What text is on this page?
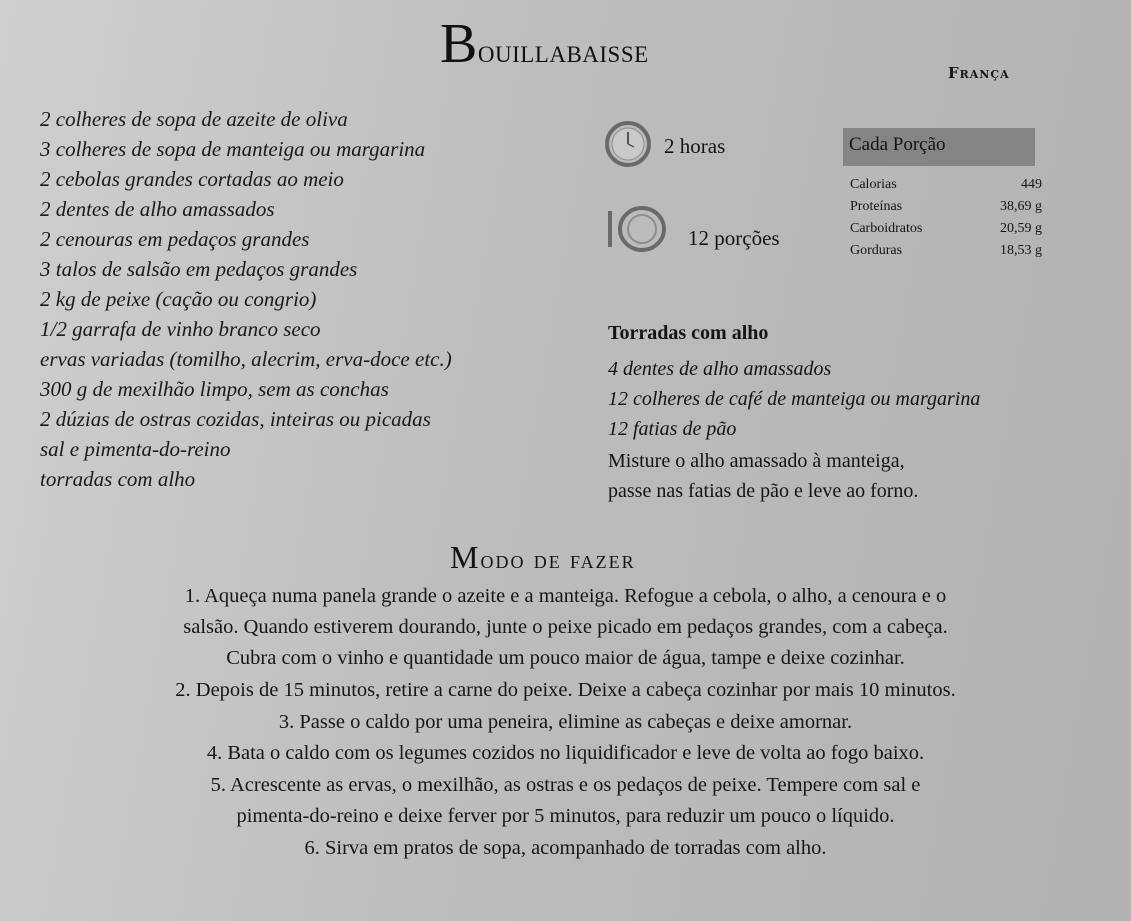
Bouillabaisse
França
2 colheres de sopa de azeite de oliva
3 colheres de sopa de manteiga ou margarina
2 cebolas grandes cortadas ao meio
2 dentes de alho amassados
2 cenouras em pedaços grandes
3 talos de salsão em pedaços grandes
2 kg de peixe (cação ou congrio)
1/2 garrafa de vinho branco seco
ervas variadas (tomilho, alecrim, erva-doce etc.)
300 g de mexilhão limpo, sem as conchas
2 dúzias de ostras cozidas, inteiras ou picadas
sal e pimenta-do-reino
torradas com alho
2 horas
12 porções
Cada Porção
Calorias	449
Proteínas	38,69 g
Carboidratos	20,59 g
Gorduras	18,53 g
Torradas com alho
4 dentes de alho amassados
12 colheres de café de manteiga ou margarina
12 fatias de pão
Misture o alho amassado à manteiga,
passe nas fatias de pão e leve ao forno.
Modo de fazer
1. Aqueça numa panela grande o azeite e a manteiga. Refogue a cebola, o alho, a cenoura e o
salsão. Quando estiverem dourando, junte o peixe picado em pedaços grandes, com a cabeça.
Cubra com o vinho e quantidade um pouco maior de água, tampe e deixe cozinhar.
2. Depois de 15 minutos, retire a carne do peixe. Deixe a cabeça cozinhar por mais 10 minutos.
3. Passe o caldo por uma peneira, elimine as cabeças e deixe amornar.
4. Bata o caldo com os legumes cozidos no liquidificador e leve de volta ao fogo baixo.
5. Acrescente as ervas, o mexilhão, as ostras e os pedaços de peixe. Tempere com sal e
pimenta-do-reino e deixe ferver por 5 minutos, para reduzir um pouco o líquido.
6. Sirva em pratos de sopa, acompanhado de torradas com alho.
